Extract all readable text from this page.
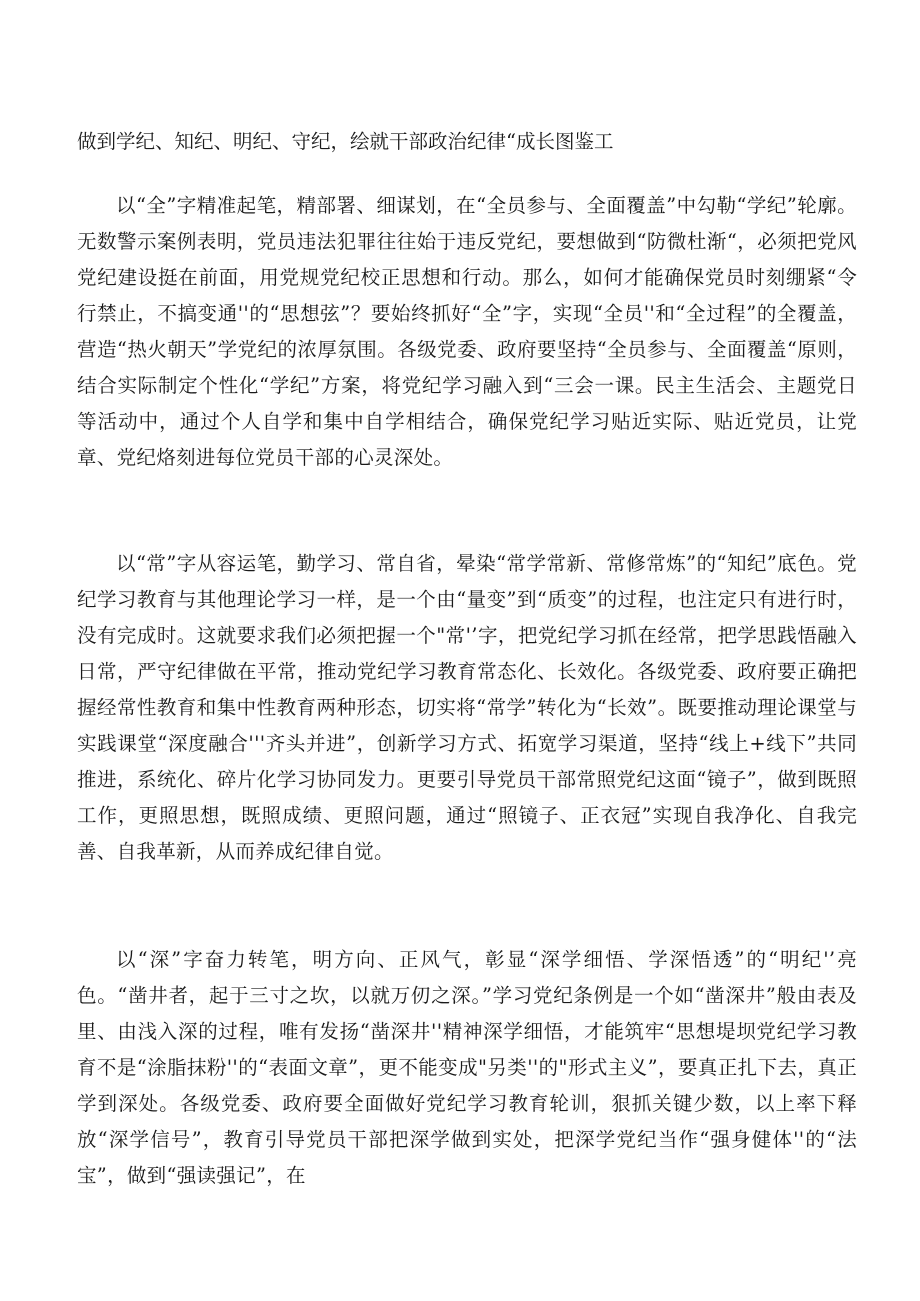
做到学纪、知纪、明纪、守纪，绘就干部政治纪律“成长图鉴工

以“全”字精准起笔，精部署、细谋划，在“全员参与、全面覆盖”中勾勒“学纪”轮廓。无数警示案例表明，党员违法犯罪往往始于违反党纪，要想做到“防微杜渐“，必须把党风党纪建设挺在前面，用党规党纪校正思想和行动。那么，如何才能确保党员时刻绷紧“令行禁止，不搞变通''的“思想弦”？要始终抓好“全”字，实现“全员''和“全过程”的全覆盖，营造“热火朝天”学党纪的浓厚氛围。各级党委、政府要坚持“全员参与、全面覆盖“原则，结合实际制定个性化“学纪”方案，将党纪学习融入到“三会一课。民主生活会、主题党日等活动中，通过个人自学和集中自学相结合，确保党纪学习贴近实际、贴近党员，让党章、党纪烙刻进每位党员干部的心灵深处。

以“常”字从容运笔，勤学习、常自省，晕染“常学常新、常修常炼”的“知纪”底色。党纪学习教育与其他理论学习一样，是一个由“量变”到“质变”的过程，也注定只有进行时，没有完成时。这就要求我们必须把握一个"常'’字，把党纪学习抓在经常，把学思践悟融入日常，严守纪律做在平常，推动党纪学习教育常态化、长效化。各级党委、政府要正确把握经常性教育和集中性教育两种形态，切实将“常学”转化为“长效”。既要推动理论课堂与实践课堂“深度融合'''齐头并进”，创新学习方式、拓宽学习渠道，坚持“线上+线下”共同推进，系统化、碎片化学习协同发力。更要引导党员干部常照党纪这面“镜子”，做到既照工作，更照思想，既照成绩、更照问题，通过“照镜子、正衣冠”实现自我净化、自我完善、自我革新，从而养成纪律自觉。

以“深”字奋力转笔，明方向、正风气，彰显“深学细悟、学深悟透”的“明纪'’亮色。“凿井者，起于三寸之坎，以就万仞之深。”学习党纪条例是一个如“凿深井”般由表及里、由浅入深的过程，唯有发扬“凿深井''精神深学细悟，才能筑牢“思想堤坝党纪学习教育不是“涂脂抹粉''的“表面文章”，更不能变成"另类''的"形式主义”，要真正扎下去，真正学到深处。各级党委、政府要全面做好党纪学习教育轮训，狠抓关键少数，以上率下释放“深学信号”，教育引导党员干部把深学做到实处，把深学党纪当作“强身健体''的“法宝”，做到“强读强记”，在
